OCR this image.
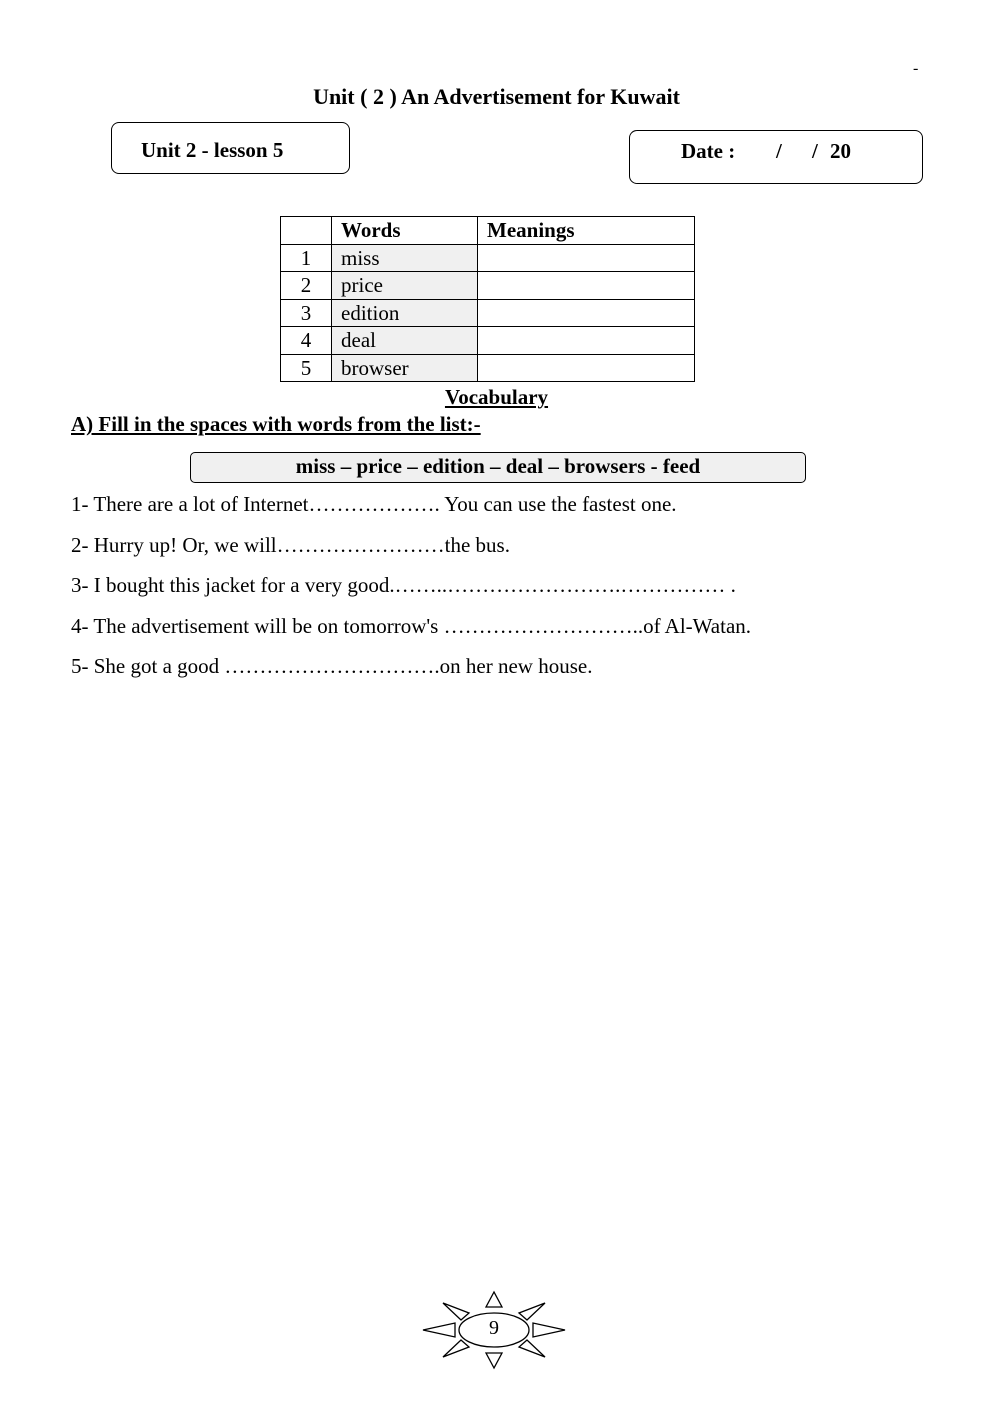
-
Unit ( 2 ) An Advertisement for Kuwait
Unit 2 - lesson 5	Date : / / 20
	Words	Meanings
1	miss	
2	price	
3	edition	
4	deal	
5	browser	
Vocabulary
A) Fill in the spaces with words from the list:-
miss – price – edition – deal – browsers - feed
1- There are a lot of Internet………………. You can use the fastest one.
2- Hurry up! Or, we will……………………the bus.
3- I bought this jacket for a very good.……..…………………….…………… .
4- The advertisement will be on tomorrow's ………………………..of Al-Watan.
5- She got a good ………………………….on her new house.
9
